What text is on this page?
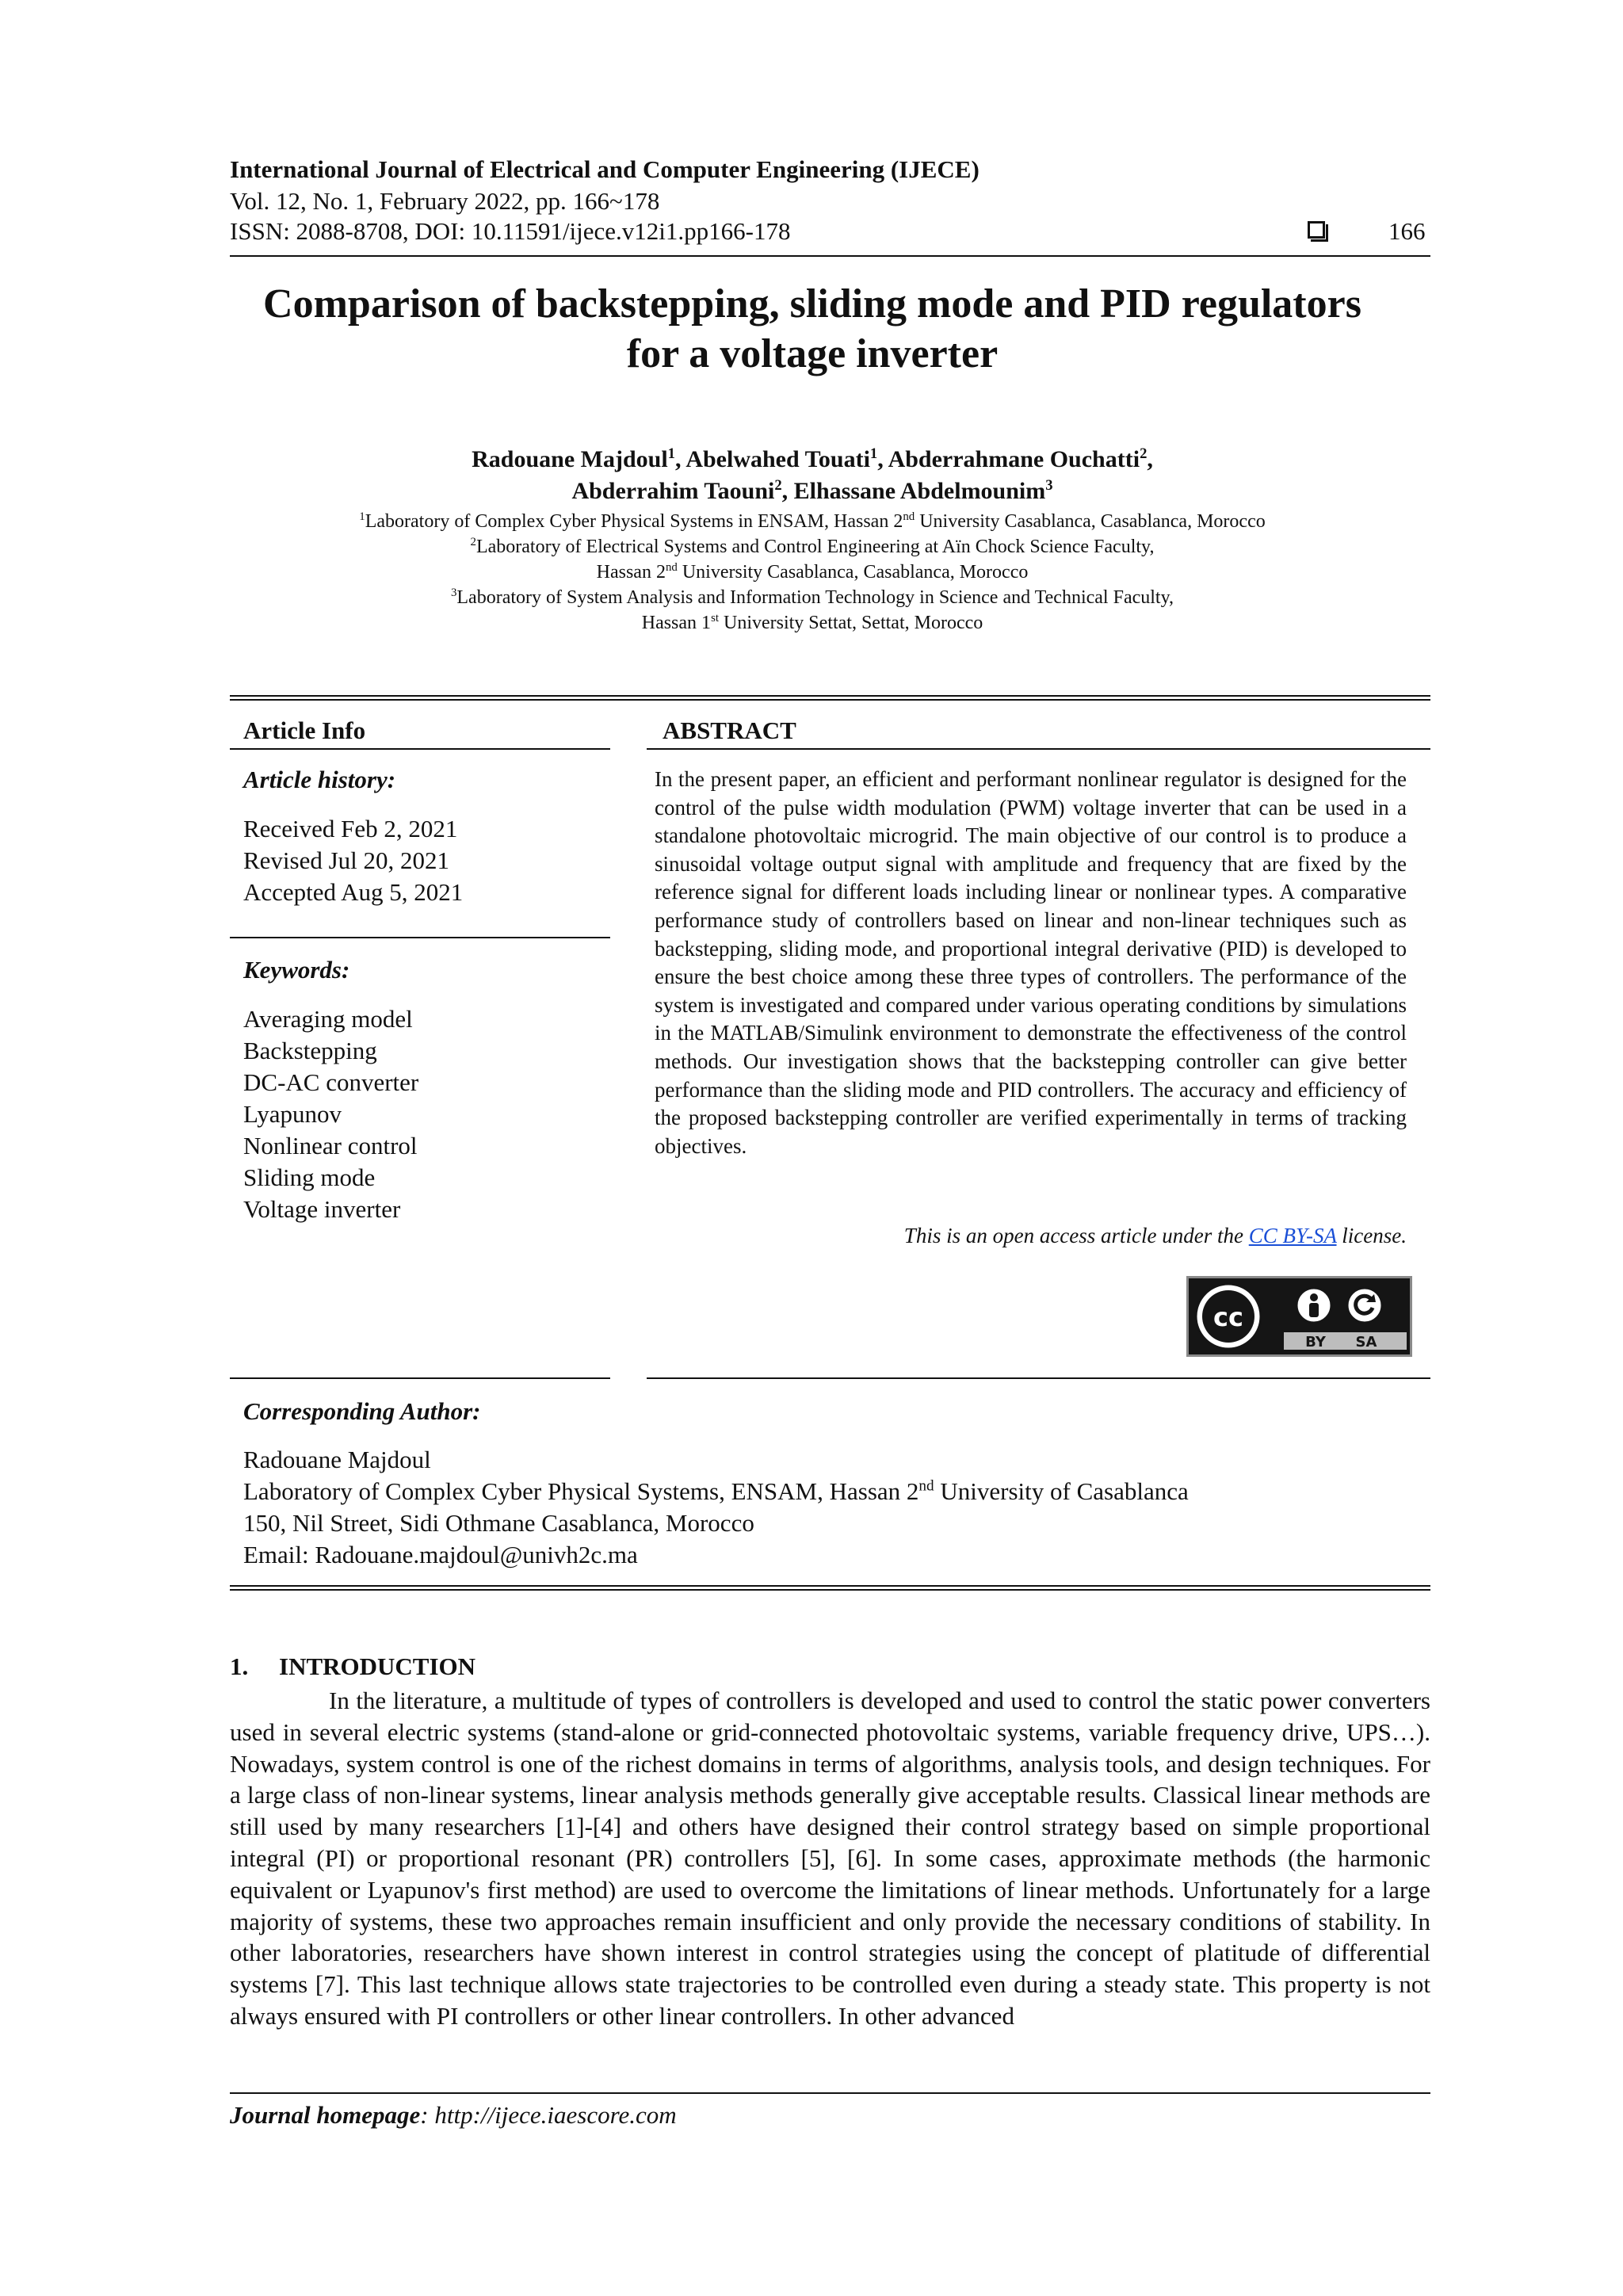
International Journal of Electrical and Computer Engineering (IJECE)
Vol. 12, No. 1, February 2022, pp. 166~178
ISSN: 2088-8708, DOI: 10.11591/ijece.v12i1.pp166-178	166
Comparison of backstepping, sliding mode and PID regulators
for a voltage inverter
Radouane Majdoul$^1$, Abelwahed Touati$^1$, Abderrahmane Ouchatti$^2$,
Abderrahim Taouni$^2$, Elhassane Abdelmounim$^3$
$^1$Laboratory of Complex Cyber Physical Systems in ENSAM, Hassan 2nd University Casablanca, Casablanca, Morocco
$^2$Laboratory of Electrical Systems and Control Engineering at Aïn Chock Science Faculty,
Hassan 2nd University Casablanca, Casablanca, Morocco
$^3$Laboratory of System Analysis and Information Technology in Science and Technical Faculty,
Hassan 1st University Settat, Settat, Morocco
Article Info
Article history:
Received Feb 2, 2021
Revised Jul 20, 2021
Accepted Aug 5, 2021
Keywords:
Averaging model
Backstepping
DC-AC converter
Lyapunov
Nonlinear control
Sliding mode
Voltage inverter
ABSTRACT
In the present paper, an efficient and performant nonlinear regulator is designed for the control of the pulse width modulation (PWM) voltage inverter that can be used in a standalone photovoltaic microgrid. The main objective of our control is to produce a sinusoidal voltage output signal with amplitude and frequency that are fixed by the reference signal for different loads including linear or nonlinear types. A comparative performance study of controllers based on linear and non-linear techniques such as backstepping, sliding mode, and proportional integral derivative (PID) is developed to ensure the best choice among these three types of controllers. The performance of the system is investigated and compared under various operating conditions by simulations in the MATLAB/Simulink environment to demonstrate the effectiveness of the control methods. Our investigation shows that the backstepping controller can give better performance than the sliding mode and PID controllers. The accuracy and efficiency of the proposed backstepping controller are verified experimentally in terms of tracking objectives.
This is an open access article under the CC BY-SA license.
cc
BY SA
Corresponding Author:
Radouane Majdoul
Laboratory of Complex Cyber Physical Systems, ENSAM, Hassan 2nd University of Casablanca
150, Nil Street, Sidi Othmane Casablanca, Morocco
Email: Radouane.majdoul@univh2c.ma
1.     INTRODUCTION
In the literature, a multitude of types of controllers is developed and used to control the static power converters used in several electric systems (stand-alone or grid-connected photovoltaic systems, variable frequency drive, UPS…). Nowadays, system control is one of the richest domains in terms of algorithms, analysis tools, and design techniques. For a large class of non-linear systems, linear analysis methods generally give acceptable results. Classical linear methods are still used by many researchers [1]-[4] and others have designed their control strategy based on simple proportional integral (PI) or proportional resonant (PR) controllers [5], [6]. In some cases, approximate methods (the harmonic equivalent or Lyapunov's first method) are used to overcome the limitations of linear methods. Unfortunately for a large majority of systems, these two approaches remain insufficient and only provide the necessary conditions of stability. In other laboratories, researchers have shown interest in control strategies using the concept of platitude of differential systems [7]. This last technique allows state trajectories to be controlled even during a steady state. This property is not always ensured with PI controllers or other linear controllers. In other advanced
Journal homepage: http://ijece.iaescore.com
